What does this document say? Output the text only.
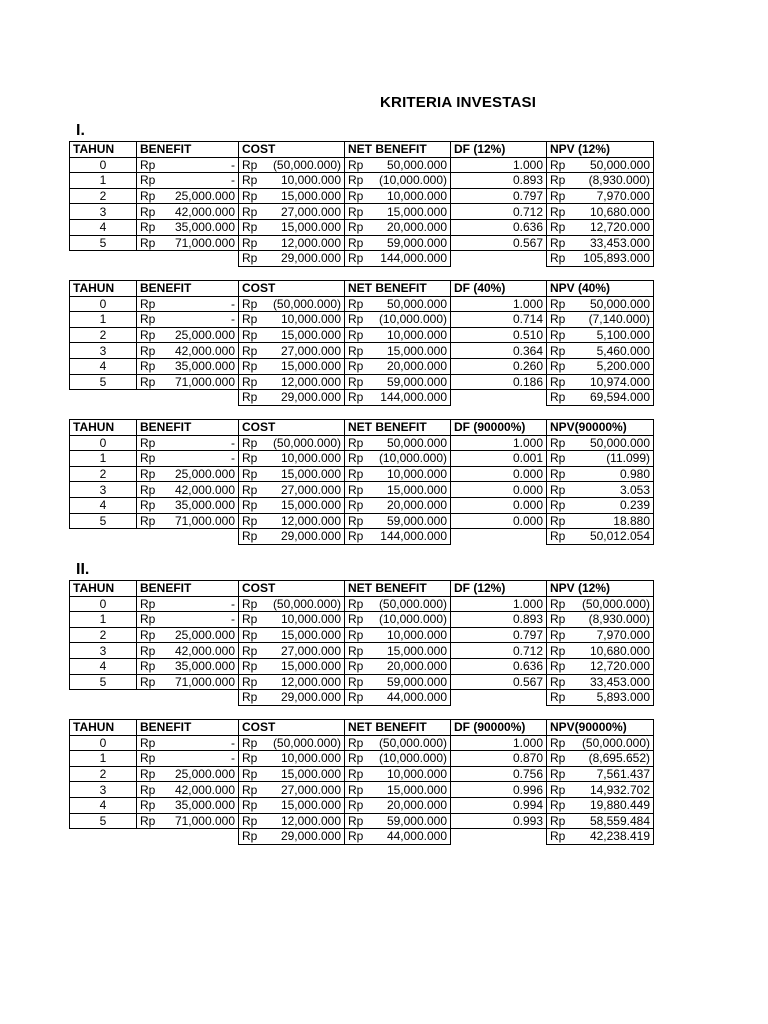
KRITERIA INVESTASI
I.
TAHUN	BENEFIT	COST	NET BENEFIT	DF (12%)	NPV (12%)
0	Rp -	Rp (50,000.000)	Rp 50,000.000	1.000	Rp 50,000.000

1	Rp -	Rp 10,000.000	Rp (10,000.000)	0.893	Rp (8,930.000)

2	Rp 25,000.000	Rp 15,000.000	Rp 10,000.000	0.797	Rp 7,970.000

3	Rp 42,000.000	Rp 27,000.000	Rp 15,000.000	0.712	Rp 10,680.000

4	Rp 35,000.000	Rp 15,000.000	Rp 20,000.000	0.636	Rp 12,720.000

5	Rp 71,000.000	Rp 12,000.000	Rp 59,000.000	0.567	Rp 33,453.000

		Rp 29,000.000	Rp 144,000.000		Rp 105,893.000
TAHUN	BENEFIT	COST	NET BENEFIT	DF (40%)	NPV (40%)
0	Rp -	Rp (50,000.000)	Rp 50,000.000	1.000	Rp 50,000.000

1	Rp -	Rp 10,000.000	Rp (10,000.000)	0.714	Rp (7,140.000)

2	Rp 25,000.000	Rp 15,000.000	Rp 10,000.000	0.510	Rp 5,100.000

3	Rp 42,000.000	Rp 27,000.000	Rp 15,000.000	0.364	Rp 5,460.000

4	Rp 35,000.000	Rp 15,000.000	Rp 20,000.000	0.260	Rp 5,200.000

5	Rp 71,000.000	Rp 12,000.000	Rp 59,000.000	0.186	Rp 10,974.000

		Rp 29,000.000	Rp 144,000.000		Rp 69,594.000
TAHUN	BENEFIT	COST	NET BENEFIT	DF (90000%)	NPV(90000%)
0	Rp -	Rp (50,000.000)	Rp 50,000.000	1.000	Rp 50,000.000

1	Rp -	Rp 10,000.000	Rp (10,000.000)	0.001	Rp (11.099)

2	Rp 25,000.000	Rp 15,000.000	Rp 10,000.000	0.000	Rp 0.980

3	Rp 42,000.000	Rp 27,000.000	Rp 15,000.000	0.000	Rp 3.053

4	Rp 35,000.000	Rp 15,000.000	Rp 20,000.000	0.000	Rp 0.239

5	Rp 71,000.000	Rp 12,000.000	Rp 59,000.000	0.000	Rp 18.880

		Rp 29,000.000	Rp 144,000.000		Rp 50,012.054
II.
TAHUN	BENEFIT	COST	NET BENEFIT	DF (12%)	NPV (12%)
0	Rp -	Rp (50,000.000)	Rp (50,000.000)	1.000	Rp (50,000.000)

1	Rp -	Rp 10,000.000	Rp (10,000.000)	0.893	Rp (8,930.000)

2	Rp 25,000.000	Rp 15,000.000	Rp 10,000.000	0.797	Rp 7,970.000

3	Rp 42,000.000	Rp 27,000.000	Rp 15,000.000	0.712	Rp 10,680.000

4	Rp 35,000.000	Rp 15,000.000	Rp 20,000.000	0.636	Rp 12,720.000

5	Rp 71,000.000	Rp 12,000.000	Rp 59,000.000	0.567	Rp 33,453.000

		Rp 29,000.000	Rp 44,000.000		Rp 5,893.000
TAHUN	BENEFIT	COST	NET BENEFIT	DF (90000%)	NPV(90000%)
0	Rp -	Rp (50,000.000)	Rp (50,000.000)	1.000	Rp (50,000.000)

1	Rp -	Rp 10,000.000	Rp (10,000.000)	0.870	Rp (8,695.652)

2	Rp 25,000.000	Rp 15,000.000	Rp 10,000.000	0.756	Rp 7,561.437

3	Rp 42,000.000	Rp 27,000.000	Rp 15,000.000	0.996	Rp 14,932.702

4	Rp 35,000.000	Rp 15,000.000	Rp 20,000.000	0.994	Rp 19,880.449

5	Rp 71,000.000	Rp 12,000.000	Rp 59,000.000	0.993	Rp 58,559.484

		Rp 29,000.000	Rp 44,000.000		Rp 42,238.419
